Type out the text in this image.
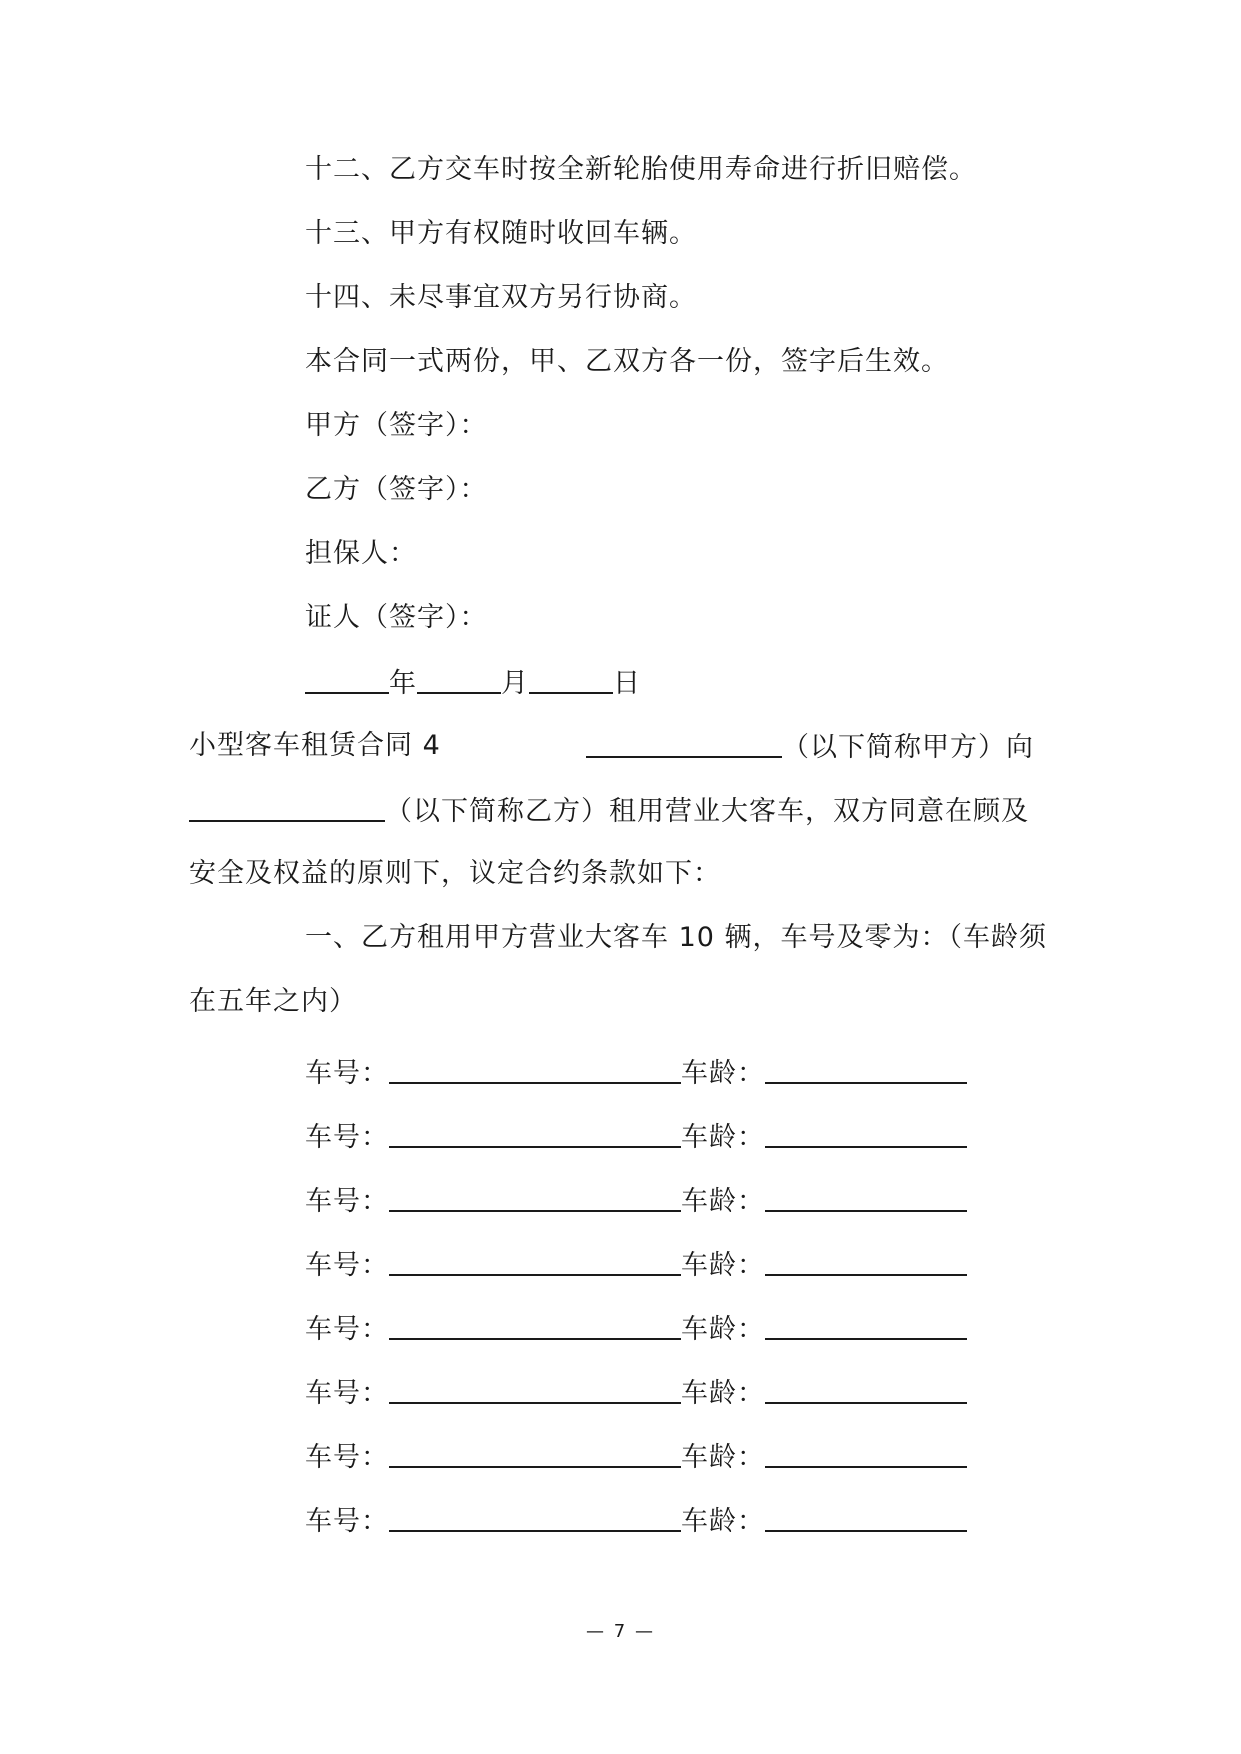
十二、乙方交车时按全新轮胎使用寿命进行折旧赔偿。
十三、甲方有权随时收回车辆。
十四、未尽事宜双方另行协商。
本合同一式两份，甲、乙双方各一份，签字后生效。
甲方（签字）：
乙方（签字）：
担保人：
证人（签字）：
年	月	日
小型客车租赁合同 4	（以下简称甲方）向
（以下简称乙方）租用营业大客车，双方同意在顾及
安全及权益的原则下，议定合约条款如下：
一、乙方租用甲方营业大客车 10 辆，车号及零为：（车龄须
在五年之内）
车号：	车龄：
车号：	车龄：
车号：	车龄：
车号：	车龄：
车号：	车龄：
车号：	车龄：
车号：	车龄：
车号：	车龄：
— 7 —
